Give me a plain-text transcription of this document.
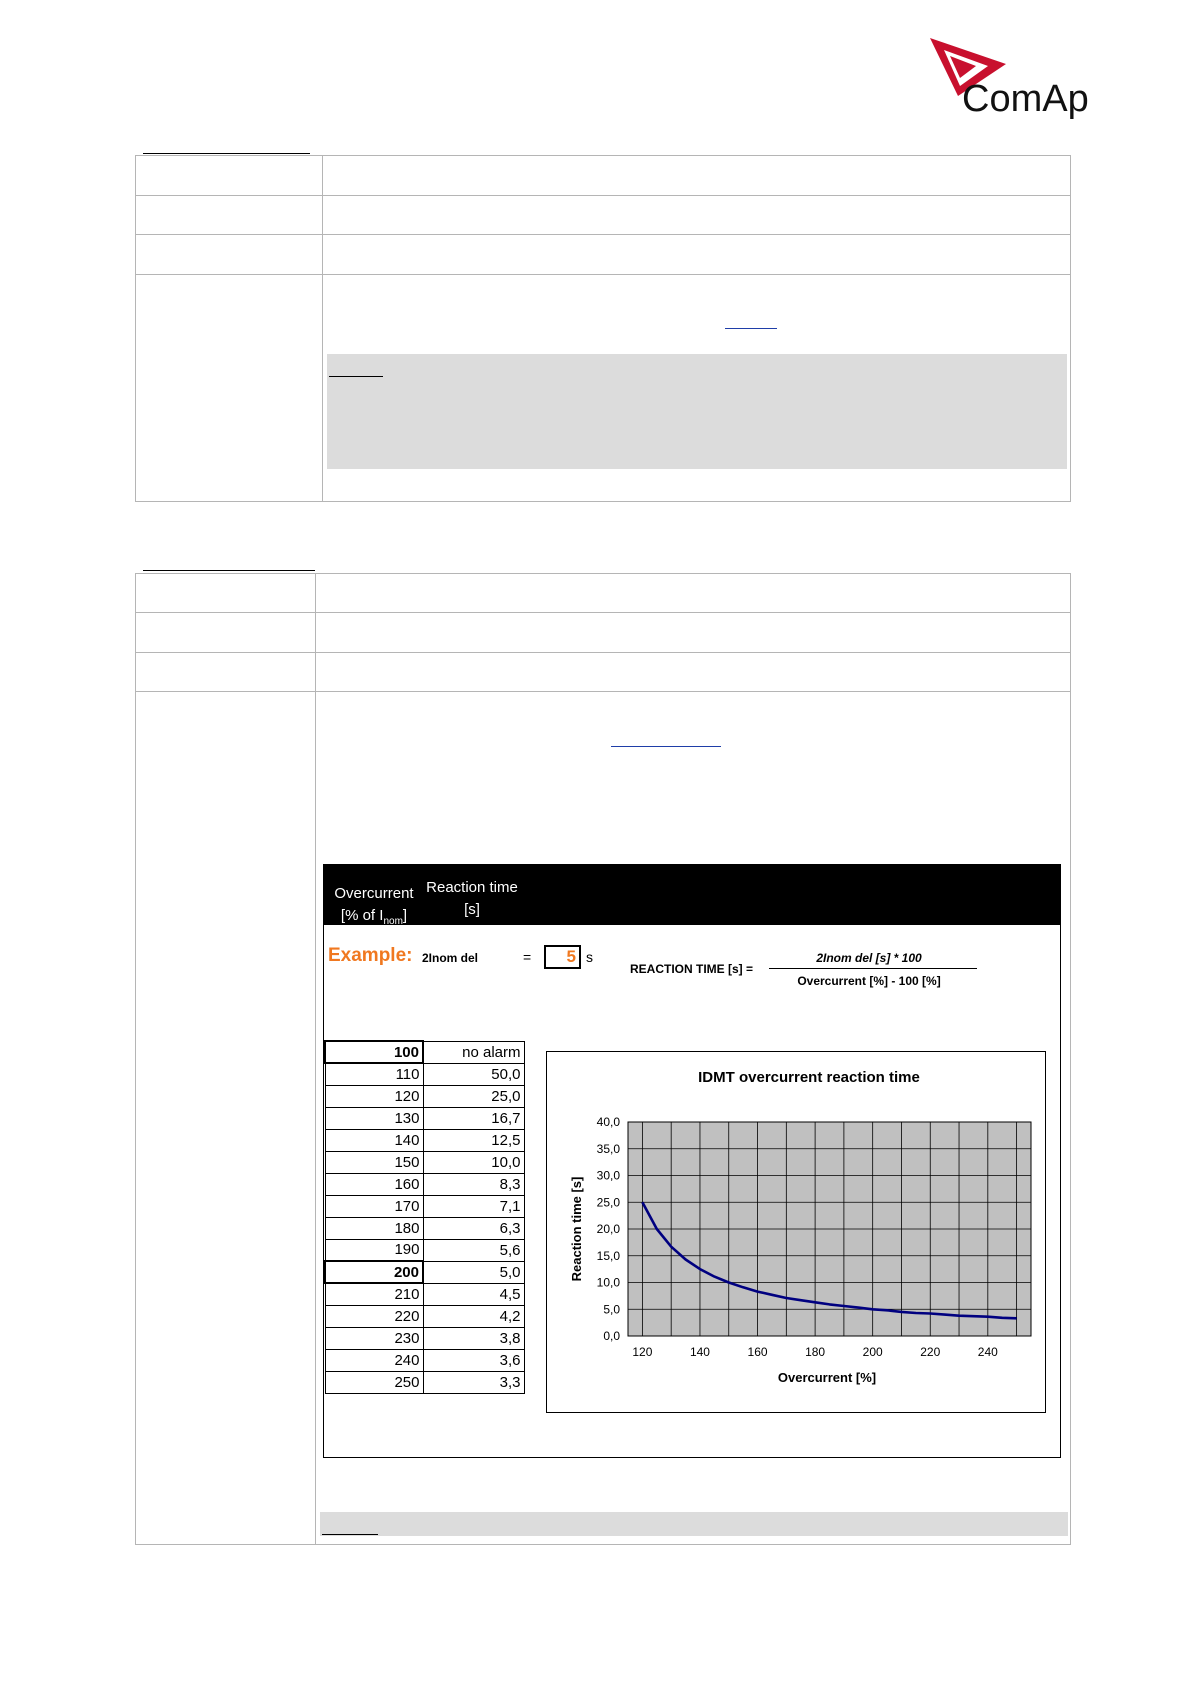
ComAp
Overcurrent
[% of $I_{nom}$]
Reaction time
[s]
Example: 2Inom del	=	5 s
REACTION TIME [s] =
2Inom del [s] * 100
Overcurrent [%] - 100 [%]
100	no alarm
110	50,0
120	25,0
130	16,7
140	12,5
150	10,0
160	8,3
170	7,1
180	6,3
190	5,6
200	5,0
210	4,5
220	4,2
230	3,8
240	3,6
250	3,3
0,0
5,0
10,0
15,0
20,0
25,0
30,0
35,0
40,0
120	140	160	180	200	220	240
IDMT overcurrent reaction time
Overcurrent [%]
Reaction time [s]
